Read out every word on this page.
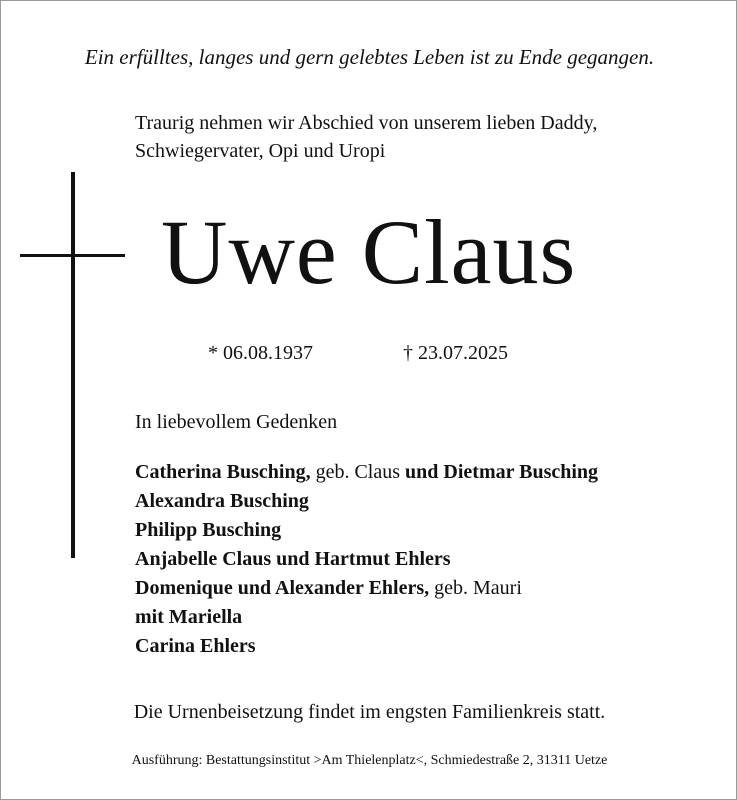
Ein erfülltes, langes und gern gelebtes Leben ist zu Ende gegangen.
Traurig nehmen wir Abschied von unserem lieben Daddy,
Schwiegervater, Opi und Uropi
Uwe Claus
* 06.08.1937	† 23.07.2025
In liebevollem Gedenken
Catherina Busching, geb. Claus und Dietmar Busching
Alexandra Busching
Philipp Busching
Anjabelle Claus und Hartmut Ehlers
Domenique und Alexander Ehlers, geb. Mauri
mit Mariella
Carina Ehlers
Die Urnenbeisetzung findet im engsten Familienkreis statt.
Ausführung: Bestattungsinstitut >Am Thielenplatz<, Schmiedestraße 2, 31311 Uetze
